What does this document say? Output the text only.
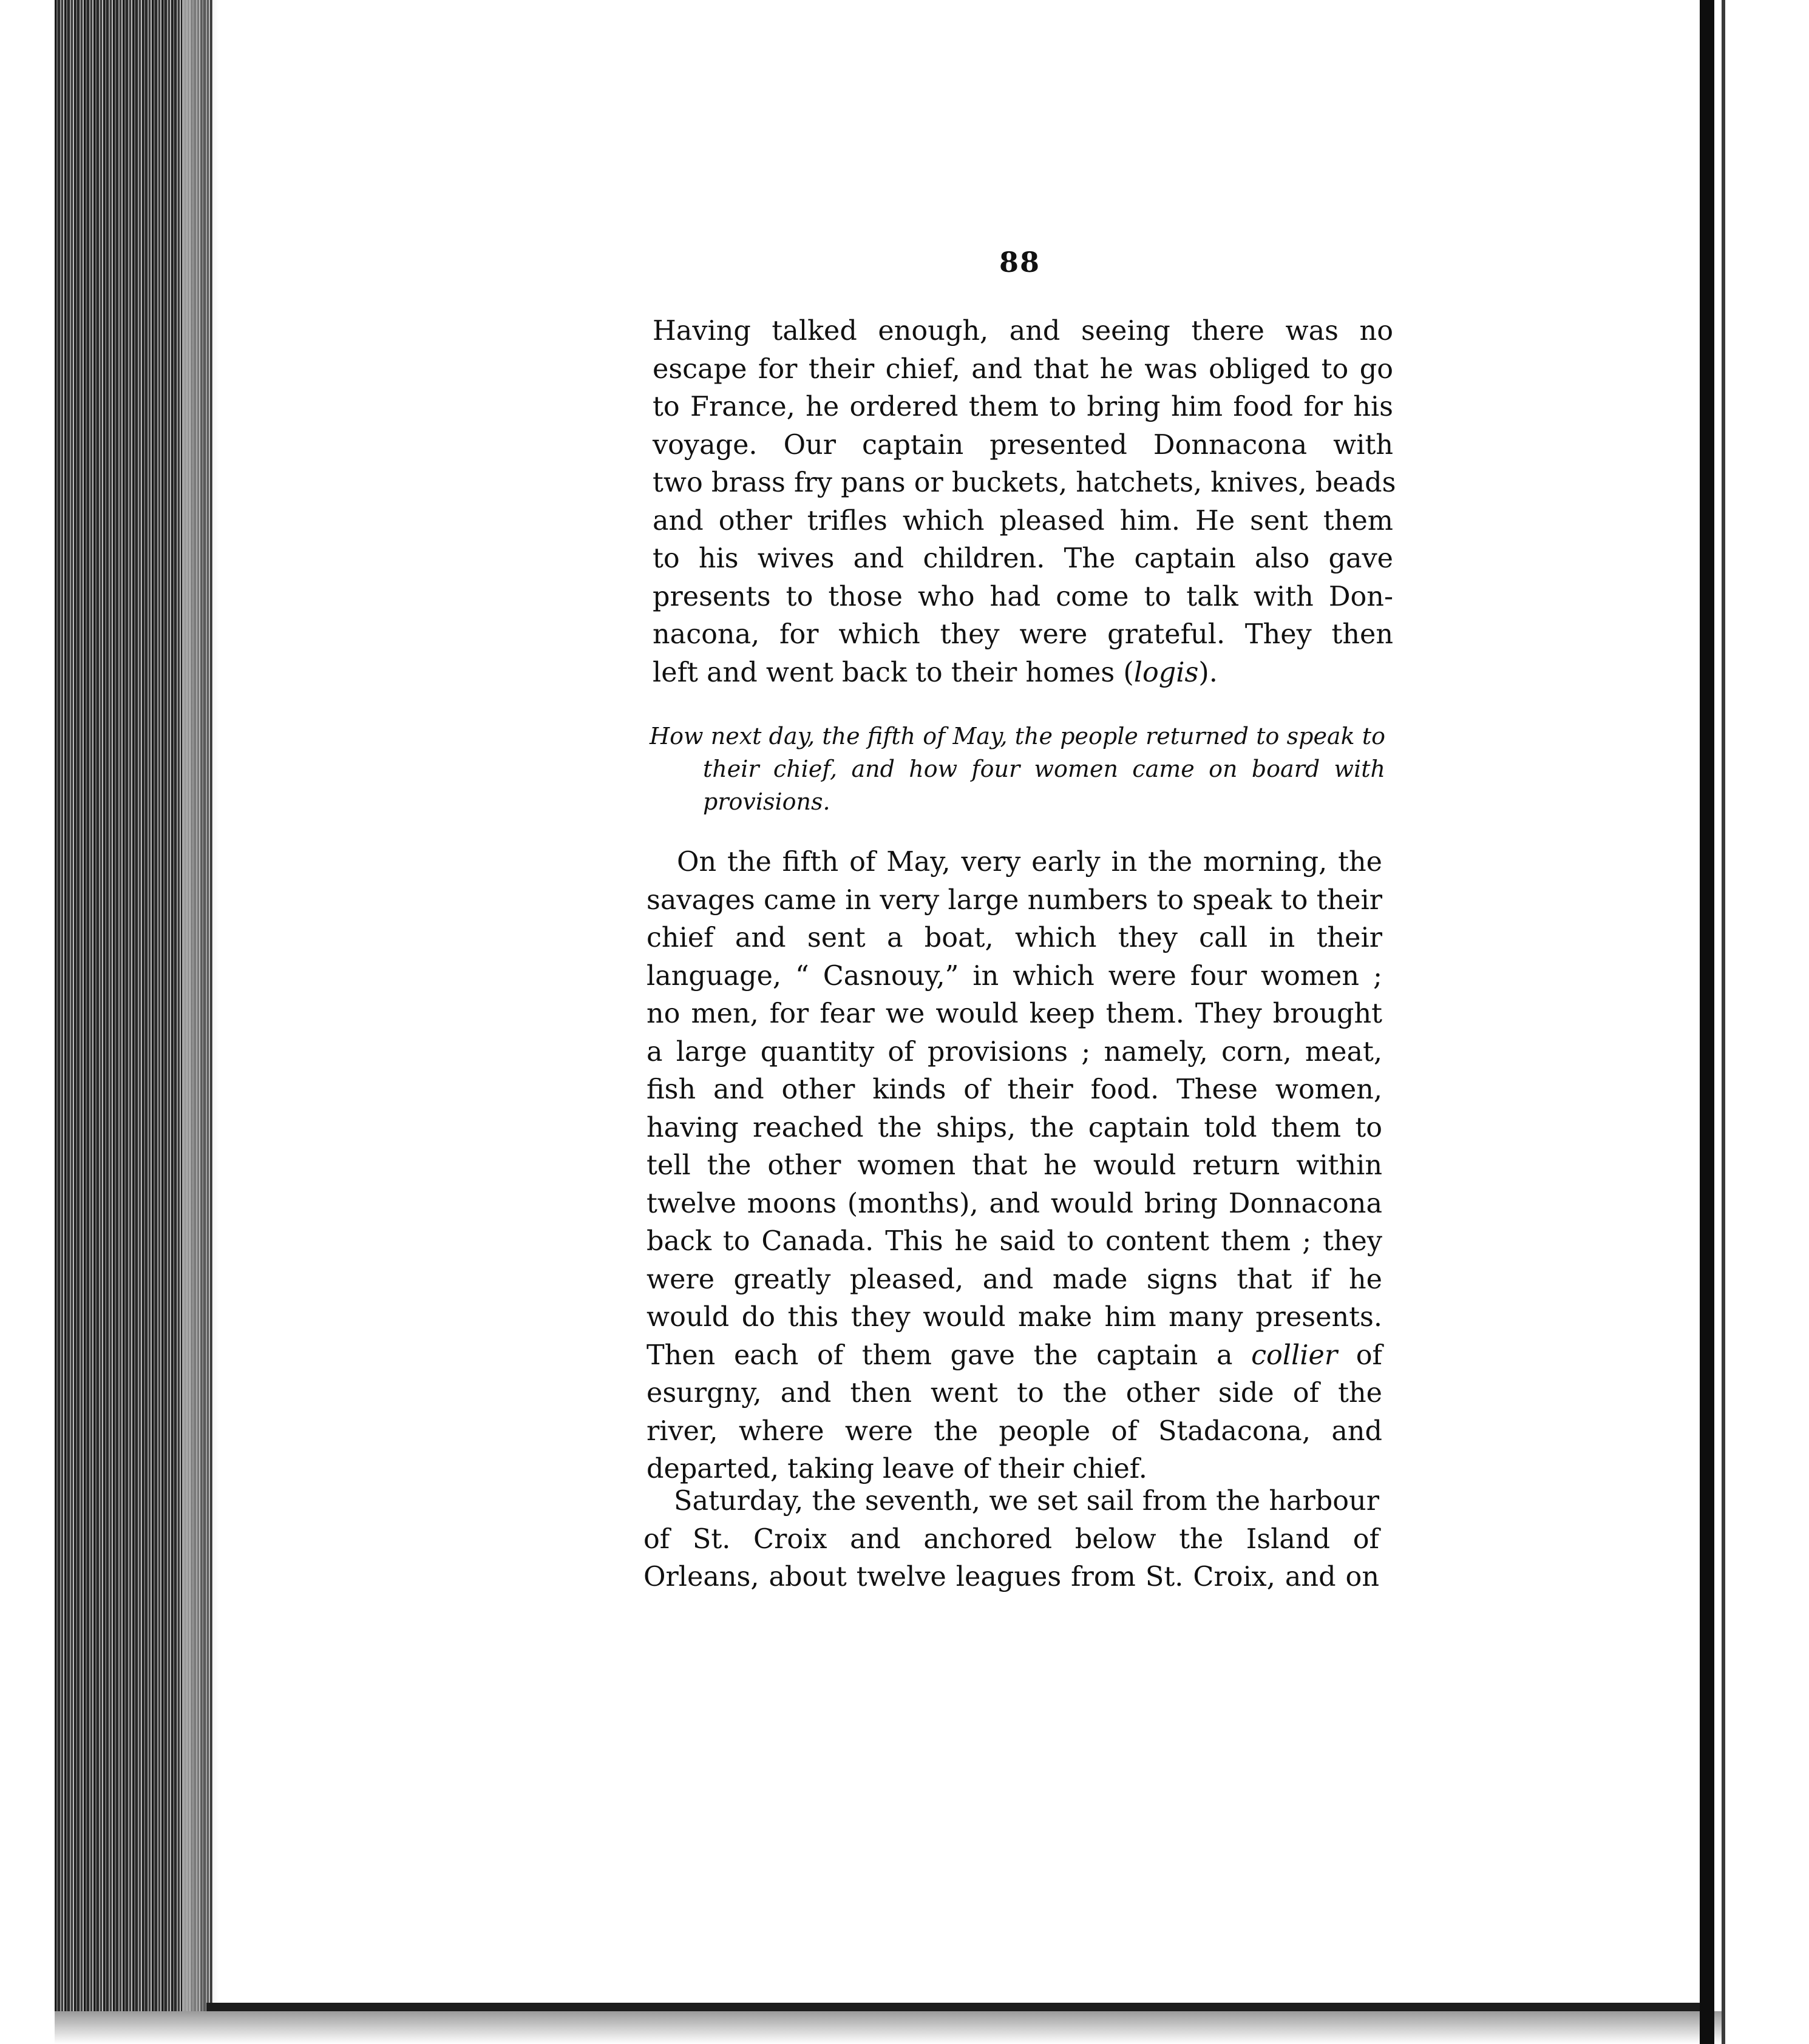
88
Having talked enough, and seeing there was no
escape for their chief, and that he was obliged to go
to France, he ordered them to bring him food for his
voyage. Our captain presented Donnacona with
two brass fry pans or buckets, hatchets, knives, beads
and other trifles which pleased him. He sent them
to his wives and children. The captain also gave
presents to those who had come to talk with Don-
nacona, for which they were grateful. They then
left and went back to their homes (logis).
How next day, the fifth of May, the people returned to speak to
their chief, and how four women came on board with
provisions.
On the fifth of May, very early in the morning, the
savages came in very large numbers to speak to their
chief and sent a boat, which they call in their
language, “ Casnouy,” in which were four women ;
no men, for fear we would keep them. They brought
a large quantity of provisions ; namely, corn, meat,
fish and other kinds of their food. These women,
having reached the ships, the captain told them to
tell the other women that he would return within
twelve moons (months), and would bring Donnacona
back to Canada. This he said to content them ; they
were greatly pleased, and made signs that if he
would do this they would make him many presents.
Then each of them gave the captain a collier of
esurgny, and then went to the other side of the
river, where were the people of Stadacona, and
departed, taking leave of their chief.
Saturday, the seventh, we set sail from the harbour
of St. Croix and anchored below the Island of
Orleans, about twelve leagues from St. Croix, and on
